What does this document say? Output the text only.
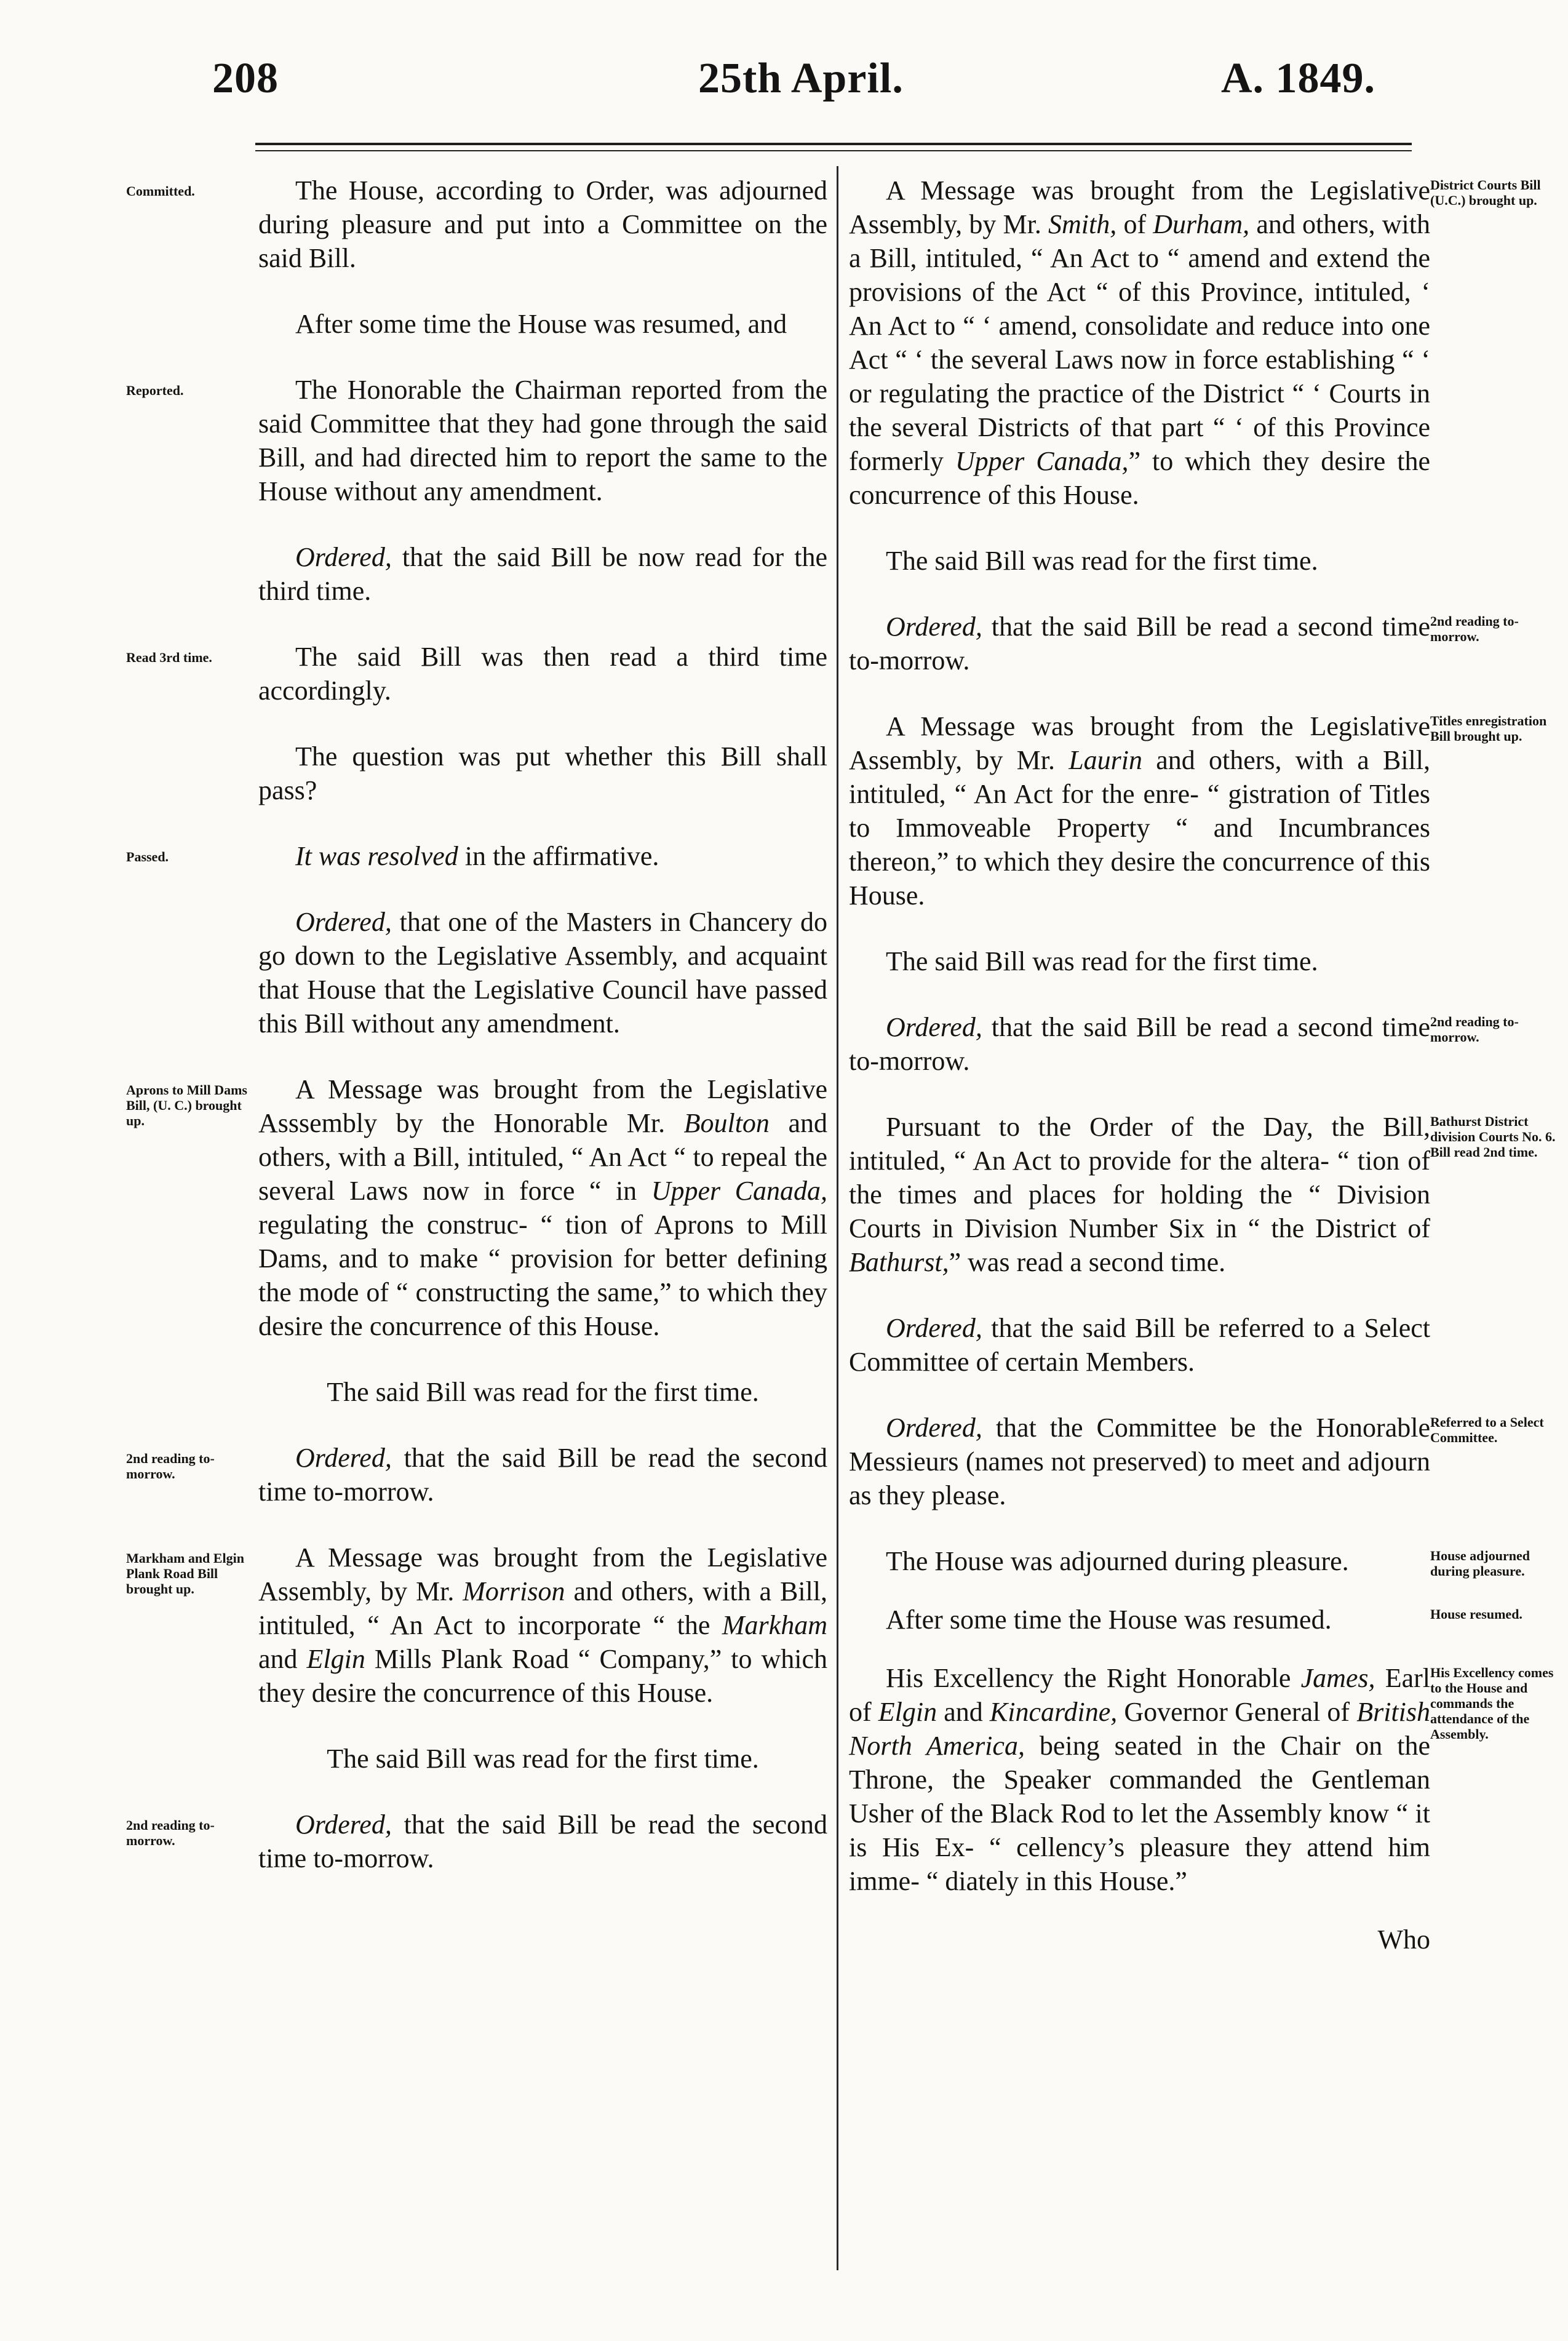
208	25th April.	A. 1849.
Committed.	The House, according to Order, was adjourned during pleasure and put into a Committee on the said Bill.
After some time the House was resumed, and
Reported.	The Honorable the Chairman reported from the said Committee that they had gone through the said Bill, and had directed him to report the same to the House without any amendment.
Ordered, that the said Bill be now read for the third time.
Read 3rd time.	The said Bill was then read a third time accordingly.
The question was put whether this Bill shall pass?
Passed.	It was resolved in the affirmative.
Ordered, that one of the Masters in Chancery do go down to the Legislative Assembly, and acquaint that House that the Legislative Council have passed this Bill without any amendment.
Aprons to Mill Dams Bill, (U. C.) brought up.
A Message was brought from the Legislative Asssembly by the Honorable Mr. Boulton and others, with a Bill, intituled, “ An Act “ to repeal the several Laws now in force “ in Upper Canada, regulating the construc- “ tion of Aprons to Mill Dams, and to make “ provision for better defining the mode of “ constructing the same,” to which they desire the concurrence of this House.
The said Bill was read for the first time.
2nd reading to-morrow.
Ordered, that the said Bill be read the second time to-morrow.
Markham and Elgin Plank Road Bill brought up.
A Message was brought from the Legislative Assembly, by Mr. Morrison and others, with a Bill, intituled, “ An Act to incorporate “ the Markham and Elgin Mills Plank Road “ Company,” to which they desire the concurrence of this House.
The said Bill was read for the first time.
2nd reading to-morrow.
Ordered, that the said Bill be read the second time to-morrow.
District Courts Bill (U.C.) brought up.
A Message was brought from the Legislative Assembly, by Mr. Smith, of Durham, and others, with a Bill, intituled, “ An Act to “ amend and extend the provisions of the Act “ of this Province, intituled, ‘ An Act to “ ‘ amend, consolidate and reduce into one Act “ ‘ the several Laws now in force establishing “ ‘ or regulating the practice of the District “ ‘ Courts in the several Districts of that part “ ‘ of this Province formerly Upper Canada,” to which they desire the concurrence of this House.
The said Bill was read for the first time.
2nd reading to-morrow.
Ordered, that the said Bill be read a second time to-morrow.
Titles enregistration Bill brought up.
A Message was brought from the Legislative Assembly, by Mr. Laurin and others, with a Bill, intituled, “ An Act for the enre- “ gistration of Titles to Immoveable Property “ and Incumbrances thereon,” to which they desire the concurrence of this House.
The said Bill was read for the first time.
2nd reading to-morrow.
Ordered, that the said Bill be read a second time to-morrow.
Bathurst District division Courts No. 6. Bill read 2nd time.
Pursuant to the Order of the Day, the Bill, intituled, “ An Act to provide for the altera- “ tion of the times and places for holding the “ Division Courts in Division Number Six in “ the District of Bathurst,” was read a second time.
Ordered, that the said Bill be referred to a Select Committee of certain Members.
Referred to a Select Committee.
Ordered, that the Committee be the Honorable Messieurs (names not preserved) to meet and adjourn as they please.
House adjourned during pleasure.
The House was adjourned during pleasure.
House resumed.
After some time the House was resumed.
His Excellency comes to the House and commands the attendance of the Assembly.
His Excellency the Right Honorable James, Earl of Elgin and Kincardine, Governor General of British North America, being seated in the Chair on the Throne, the Speaker commanded the Gentleman Usher of the Black Rod to let the Assembly know “ it is His Ex- “ cellency’s pleasure they attend him imme- “ diately in this House.”
Who
